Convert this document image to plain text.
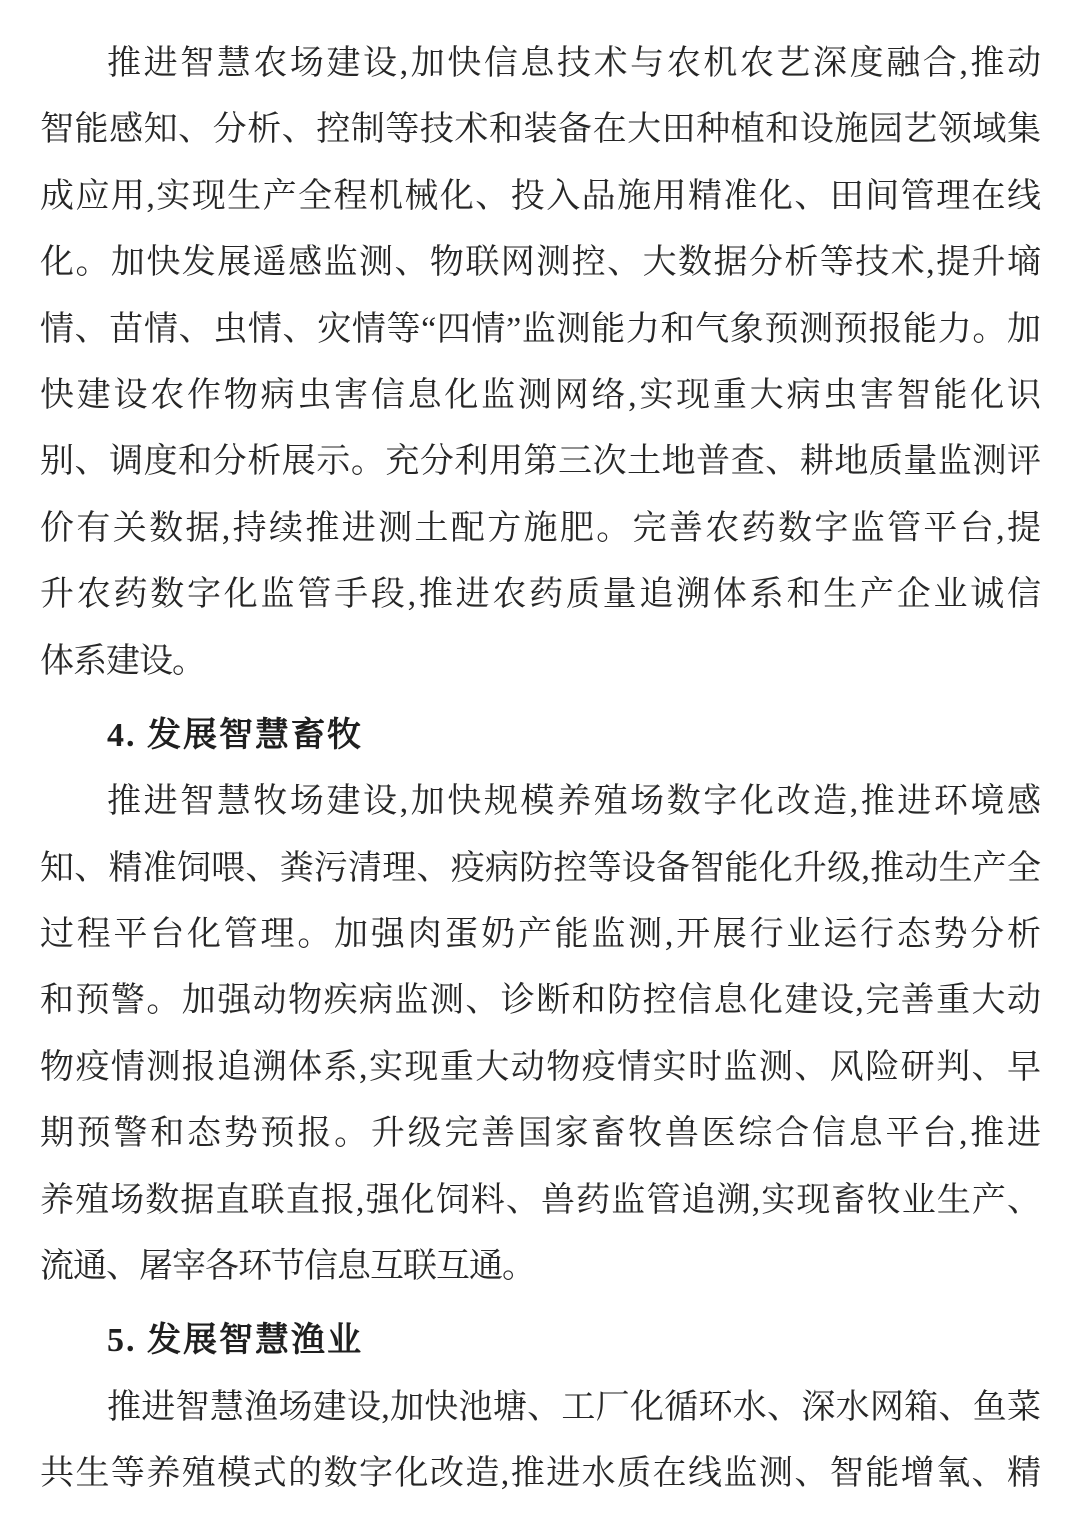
推进智慧农场建设,加快信息技术与农机农艺深度融合,推动
智能感知、分析、控制等技术和装备在大田种植和设施园艺领域集
成应用,实现生产全程机械化、投入品施用精准化、田间管理在线
化。加快发展遥感监测、物联网测控、大数据分析等技术,提升墒
情、苗情、虫情、灾情等“四情”监测能力和气象预测预报能力。加
快建设农作物病虫害信息化监测网络,实现重大病虫害智能化识
别、调度和分析展示。充分利用第三次土地普查、耕地质量监测评
价有关数据,持续推进测土配方施肥。完善农药数字监管平台,提
升农药数字化监管手段,推进农药质量追溯体系和生产企业诚信
体系建设。
4. 发展智慧畜牧
推进智慧牧场建设,加快规模养殖场数字化改造,推进环境感
知、精准饲喂、粪污清理、疫病防控等设备智能化升级,推动生产全
过程平台化管理。加强肉蛋奶产能监测,开展行业运行态势分析
和预警。加强动物疾病监测、诊断和防控信息化建设,完善重大动
物疫情测报追溯体系,实现重大动物疫情实时监测、风险研判、早
期预警和态势预报。升级完善国家畜牧兽医综合信息平台,推进
养殖场数据直联直报,强化饲料、兽药监管追溯,实现畜牧业生产、
流通、屠宰各环节信息互联互通。
5. 发展智慧渔业
推进智慧渔场建设,加快池塘、工厂化循环水、深水网箱、鱼菜
共生等养殖模式的数字化改造,推进水质在线监测、智能增氧、精
